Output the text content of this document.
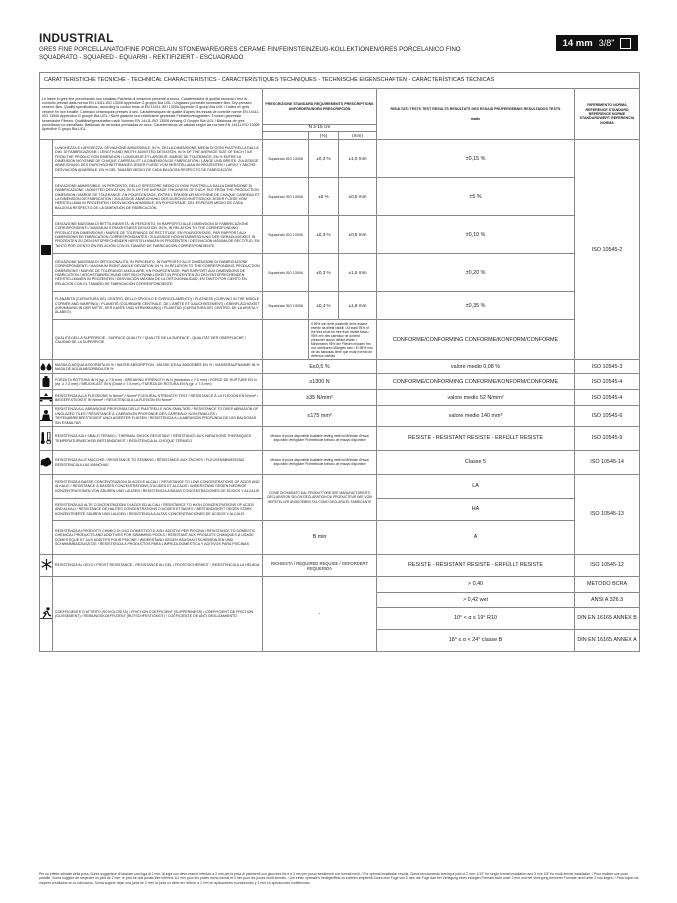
INDUSTRIAL
GRES FINE PORCELLANATO/FINE PORCELAIN STONEWARE/GRES CERAME FIN/FEINSTEINZEUG-KOLLEKTIONEN/GRES PORCELANICO FINO
SQUADRATO - SQUARED - EQUARRI - REKTIFIZIERT - ESCUADRADO
14 mm 3/8"
CARATTERISTICHE TECNICHE - TECHNICAL CHARACTERISTICS - CARACTERISTIQUES TECHNIQUES - TECHNISCHE EIGENSCHAFTEN - CARACTERÍSTICAS TÉCNICAS						
Le lastre in gres fine porcellanato non smaltato Pastrella di ceramica presente a secco. Caratteristiche di qualità secondo i test di controllo previsti dalla norma EN 14411-ISO 13006 Appendice G gruppo BIa UGL / Unglazed porcelain stoneware tiles. Dry-pressed ceramic tiles. Quality specifications, according to control tests of EN 14411-ISO 13006 Appendix G group BIa UGL / Dalles en grès cérame fin non émaillé. Carreaux céramiques pressés à sec. Caractéristiques de qualité d'après les essais de contrôle norme EN 14411-ISO 13006 Appendice G groupe BIa UGL / Nicht glasierte und rektifizierte gepresste Feinsteinzeugplatten. Trocken gepresste keramische Fliesen. Qualitätseigenschaften nach Normen EN 14411-ISO 13006 Anhang G Gruppe BIa UGL / Baldosas de gres porcelánico no esmaltado. Baldosas de cerámica prensadas en seco. Características de calidad según las normas EN 14411-ISO 13006 Apéndice G grupo BIa UGL.		PRESCRIZIONE STANDARD REQUIREMENTS PRESCRIPTIONS ANFORDERUNGEN PRESCRIPCIÓN			RISULTATI TESTS TEST RESULTS RESULTATS DES ESSAIS PRÜFERGEBNIS RESULTADOS TESTS
matte	RIFERIMENTO NORMA REFERENCE STANDARD RÉFÉRENCE NORME STANDARDWERT REFERENCIA NORMA
		N ≥ 15 cm				
			(%)	(mm)		
	LUNGHEZZA E LARGHEZZA: DEVIAZIONE AMMISSIBILE, IN %, DELLA DIMENSIONE MEDIA DI OGNI PIASTRELLA DALLA DIM. DI FABBRICAZIONE / LENGTH AND WIDTH: ADMITTED DEVIATION, IN % OF THE AVERAGE SIZE OF EACH TILE FROM THE PRODUCTION DIMENSION / LONGUEUR ET LARGEUR: MARGE DE TOLÉRANCE, EN % ENTRE LA DIMENSION MOYENNE DE CHAQUE CARREAU ET LA DIMENSION DE FABRICATION / LÄNGE UND BREITE: ZULÄSSIGE ABWEICHUNG DES DURCHSCHNITTSMAßES JEDER FLIESE VOM HERSTELLMAß IN PROZENTEN / LARGO Y ANCHO: DESVIACIÓN ADMISIBLE, EN % DEL TAMAÑO MEDIO DE CADA BALDOSA RESPECTO DE FABRICACIÓN.	Squadrato ISO 13006	±0,3 %	±1,0 mm	±0,15 %	ISO 10545-2
	DEVIAZIONE AMMISSIBILE, IN PERCENTO, DELLO SPESSORE MEDIO DI OGNI PIASTRELLA DALLA DIMENSIONE DI FABBRICAZIONE / ADMITTED DEVIATION, IN % OF THE AVERAGE THICKNESS OF EACH TILE FROM THE PRODUCTION DIMENSION / MARGE DE TOLÉRANCE, EN POURCENTAGE, ENTRE L'ÉPAISSEUR MOYENNE DE CHAQUE CARREAU ET LA DIMENSION DE FABRICATION / ZULÄSSIGE ABWEICHUNG DER DURCHSCHNITTSDICKE JEDER FLIESE VOM HERSTELLMAß IN PROZENTEN / DESVIACIÓN ADMISIBLE, EN PORCENTAJE, DEL ESPESOR MEDIO DE CADA BALDOSA RESPECTO DE LA DIMENSIÓN DE FABRICACIÓN.	Squadrato ISO 13006	±5 %	±0,5 mm	±5 %	
	DEVIAZIONE MASSIMA DI RETTILINEARITÀ, IN PERCENTO, IN RAPPORTO ALLE DIMENSIONI DI FABBRICAZIONE CORRISPONDENTI / MAXIMUM STRAIGHTNESS DEVIATION, IN %, IN RELATION TO THE CORRESPONDING PRODUCTION DIMENSIONS / MARGE DE TOLÉRANCE DE RECTITUDE, EN POURCENTAGE, PAR RAPPORT AUX DIMENSIONS DE FABRICATION CORRESPONDANTES / ZULÄSSIGE HÖCHSTABWEICHUNG DER GERADLINIGKEIT IN PROZENTEN ZU DEN ENTSPRECHENDEN HERSTELLMAßEN IN PROZENTEN / DESVIACIÓN MÁXIMA DE RECTITUD, EN TANTO POR CIENTO EN RELACIÓN CON EL TAMAÑO DE FABRICACIÓN CORRESPONDIENTE.	Squadrato ISO 13006	±0,3 %	±0,8 mm	±0,10 %	
	DEVIAZIONE MASSIMA DI ORTOGONALITÀ, IN PERCENTO, IN RAPPORTO ALLE DIMENSIONI DI FABBRICAZIONE CORRISPONDENTI / MAXIMUM RIGHT-ANGLE DEVIATION, IN %, IN RELATION TO THE CORRESPONDING PRODUCTION DIMENSIONS / MARGE DE TOLÉRANCE ANGULAIRE, EN POURCENTAGE, PAR RAPPORT AUX DIMENSIONS DE FABRICATION / HÖCHSTABWEICHUNG DER RECHTWINKLIGKEIT IN PROZENTEN ZU DEN ENTSPRECHENDEN HERSTELLMAßEN IN PROZENTEN / DESVIACIÓN MÁXIMA DE LA ORTOGONALIDAD, EN TANTO POR CIENTO EN RELACIÓN CON EL TAMAÑO DE FABRICACIÓN CORRESPONDIENTE.	Squadrato ISO 13006	±0,3 %	±1,5 mm	±0,20 %	
	PLANARITÀ (CURVATURA DEL CENTRO, DELLO SPIGOLO E SVERGOLAMENTO) / FLATNESS (CURVING IN THE MIDDLE CORNER AND WARPING) / PLANEITÉ (COURBURE CENTRALE, DE L'ARÊTE ET GAUCHISSEMENT) / EBENFLÄCHIGKEIT (KRÜMMUNG IN DER MITTE, DER KANTE UND VERWINDUNG) / PLANITUD (CURVATURA DEL CENTRO, DE LA ARISTA Y ALABEO).	Squadrato ISO 13006	±0,4 %	±1,8 mm	±0,35 %	
	QUALITÀ DELLA SUPERFICIE - SURFACE QUALITY / QUALITÉ DE LA SURFACE - QUALITÄT DER OBERFLÄCHE / CALIDAD DE LA SUPERFICIE		Il 95% min delle piastrelle deve essere esente da difetti visibili / At least 95% of the tiles must be free from visible flaws / 95% min des carreaux ne doivent présenter aucun défaut visible / Mindestens 95% der Fliesen müssen frei von sichtbaren Mängeln sein / El 95% mín. de las baldosas tiene que estar exento de defectos visibles		CONFORME/CONFORMING CONFORME/KONFORM/CONFORME	
	MASSA D'ACQUA ASSORBITA IN % / WATER ABSORPTION - MASSE D'EAU ABSORBÉE EN % / WASSERAUFNAHME IN % MASA DE AGUA ABSORBIDA EN %	E≤0,5 %			valore medio 0,08 %	ISO 10545-3
	FORZA DI ROTTURA IN N (sp. ≥ 7,5 mm) - BREAKING STRENGTH IN N (thickness ≥ 7,5 mm) / FORCE DE RUPTURE EN N (ép. ≥ 7,5 mm) / BRUCHLAST IN N (Dicke ≥ 7,5 mm) / FUERZA DE ROTURA EN N (gr. ≥ 7,5 mm)	≥1300 N			CONFORME/CONFORMING CONFORME/KONFORM/CONFORME	ISO 10545-4
	RESISTENZA ALLA FLESSIONE in N/mm² / N/mm² FLEXURAL STRENGTH TEST / RÉSISTANCE À LA FLEXION EN N/mm² / BIEGEFESTIGKEIT IN N/mm² / RESISTENCIA A LA FLEXIÓN EN N/mm²	≥35 N/mm²			valore medio 52 N/mm²	ISO 10545-4
	RESISTENZA ALL'ABRASIONE PROFONDA DELLE PIASTRELLE NON SMALTATE / RESISTANCE TO DEEP ABRASION OF UNGLAZED TILES / RÉSISTANCE À L'ABRASION PROFONDE DES CARREAUX NON ÉMAILLÉS / TIEFENABRIEBFESTIGKEIT UNGLASIERTER FLIESEN / RESISTENCIA A LA ABRASIÓN PROFUNDA DE LAS BALDOSAS SIN ESMALTAR	≤175 mm³			valore medio 140 mm³	ISO 10545-6
	RESISTENZA AGLI SBALZI TERMICI / THERMAL SHOCK RESISTANT / RÉSISTANCE AUX VARIATIONS THERMIQUES TEMPERATURWECHSELBESTÄNDIGKEIT / RESISTENCIA AL CHOQUE TÉRMICO	Metodo di prova disponibile Available testing method Méthode d'essai disponible Verfügbare Prüfmethode Método de ensayo disponible			RESISTE - RÉSISTANT RESISTE - ERFÜLLT RESISTE	ISO 10545-9
	RESISTENZA ALLE MACCHIE / RESISTANCE TO STAINING / RÉSISTANCE AUX TACHES / FLECKENABWEISEND RESISTENCIA A LAS MANCHAS	Metodo di prova disponibile Available testing method Méthode d'essai disponible Verfügbare Prüfmethode Método de ensayo disponible			Classe 5	ISO 10545-14
	RESISTENZA A BASSE CONCENTRAZIONI DI ACIDI E ALCALI / RESISTANCE TO LOW CONCENTRATIONS OF ACIDS AND ALKALIS / RÉSISTANCE À BASSES CONCENTRATIONS D'ACIDES ET ALCALIS / WIDERSTAND GEGEN NIEDRIGE KONZENTRATIONEN VON SÄUREN UND LAUGEN / RESISTENCIA A BAJAS CONCENTRACIONES DE ÁCIDOS Y ALCALIS	COME DICHIARATO DAL PRODUTTORE SEE MANUFACTURER'S DECLARATION SELON DÉCLARATION DU PRODUCTEUR WIE VOM HERSTELLER ANGEGEBEN TAL COMO DECLARA EL FABRICANTE			LA	ISO 10545-13
	RESISTENZA AD ALTE CONCENTRAZIONI DI ACIDI ED ALCALI / RESISTANCE TO HIGH CONCENTRATIONS OF ACIDS AND ALKALI / RÉSISTANCE DE HAUTES CONCENTRATIONS D'ACIDES ET BASES / BESTÄNDIGKEIT GEGEN STARK KONZENTRIERTE SÄUREN UND LAUGEN / RESISTENCIA A ALTAS CONCENTRACIONES DE ÁCIDOS Y ALCALIS				HA	
	RESISTENZA AI PRODOTTI CHIMICI DI USO DOMESTICO E AGLI ADDITIVI PER PISCINA / RESISTANCE TO DOMESTIC CHEMICAL PRODUCTS AND ADDITIVES FOR SWIMMING POOLS / RÉSISTANT AUX PRODUITS CHIMIQUES À USAGE DOMESTIQUE ET AUX ADDITIFS POUR PISCINE / WIDERSTAND GEGEN HAUSHALTSCHEMIKALIEN UND SCHWIMMBADZUSÄTZE / RESISTENCIA A PRODUCTOS PARA LIMPIEZA DOMÉSTICA Y ADITIVOS PARA PISCINAS	B min			A	
	RESISTENZA AL GELO / FROST RESISTANCE - RÉSISTANCE AU GEL / FROSTSICHERHEIT - RESISTENCIA A LA HELADA	RICHIESTA / REQUIRED REQUISE / GEFORDERT REQUERIDA			RESISTE - RÉSISTANT RESISTE - ERFÜLLT RESISTE	ISO 10545-12
	COEFFICIENTE D'ATTRITO (SCIVOLOSITÀ) / FRICTION COEFFICIENT (SLIPPERINESS) / COEFFICIENT DE FRICTION (GLISSEMENT) / REIBUNGSKOEFFIZIENT (RUTSCHFESTIGKEIT) / COEFICIENTE DE ANTI DESLIZAMIENTO	-			> 0,40	METODO BCRA
					> 0,42 wet	ANSI A 326.3
					10° < α ≤ 19° R10	DIN EN 16165 ANNEX B
					18° ≤ α < 24° classe B	DIN EN 16165 ANNEX A
Per un effetto ottimale della posa, Sonra suggerisce di lasciare una fuga di 2 mm; la fuga non deve essere inferiore a 2 mm per la posa di pavimenti con giunzioni fini e a 3 mm per posa rivestimenti con formati medi. / For optimal installation results, Sonra recommends leaving a joint of 2 mm; 1/13" for single format installation and 3 mm 1/8" for multi-format installation. / Pour réaliser une pose parfaite, Sonra suggère de respecter un joint de 2 mm; le joint ne doit jamais être inférieur à 2 mm pour les poses mono-format et 3 mm pour les poses multi-formats. / Um einen optimalen Verlegeeffekt zu erzielen empfiehlt Sonra eine Fuge von 2 mm; die Fuge darf bei Verlegung eines einzigen Formats nicht unter 2 mm und bei Verlegung mehrerer Formate nicht unter 3 mm liegen. / Para lograr los mejores resultados en la colocación, Sonra sugiere dejar una junta de 2 mm; la junta no debe ser inferior a 2 mm en aplicaciones monoformato y 3 mm en aplicaciones multiformato.
